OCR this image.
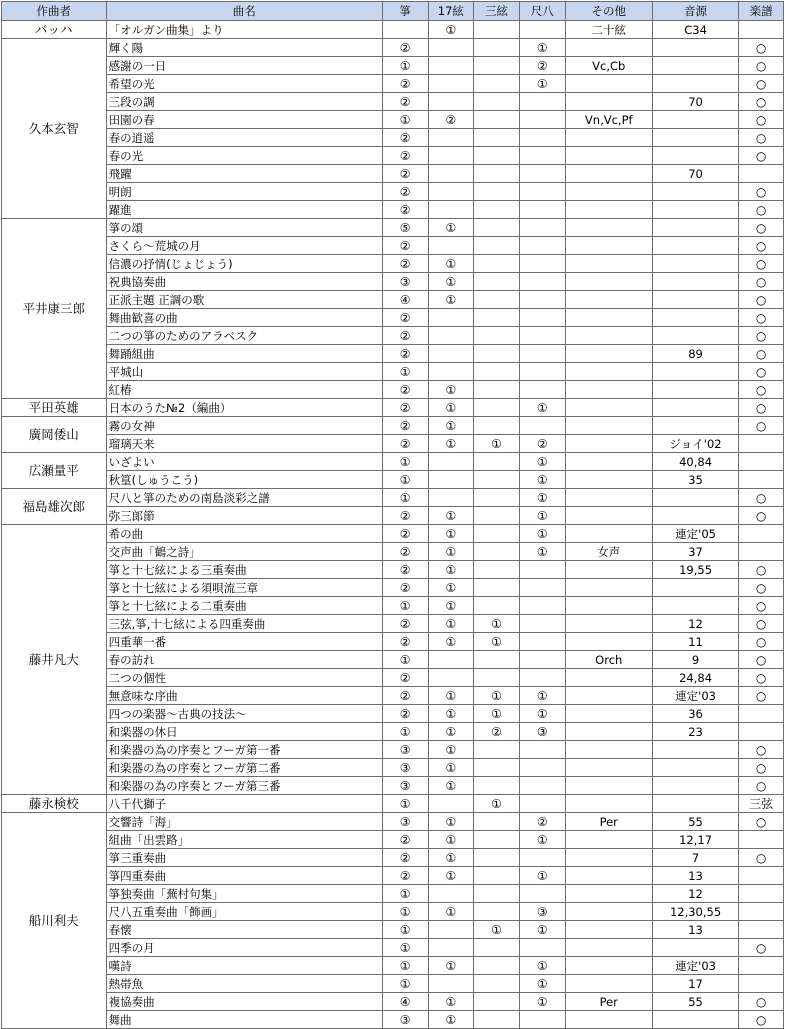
作曲者	曲名	箏	17絃	三絃	尺八	その他	音源	楽譜
バッハ	「オルガン曲集」より		①			二十絃	C34	
久本玄智	輝く陽	②			①			○
	感謝の一日	①			②	Vc,Cb		○
	希望の光	②			①			○
	三段の調	②					70	○
	田園の春	①	②			Vn,Vc,Pf		○
	春の逍遥	②						○
	春の光	②						○
	飛躍	②					70	
	明朗	②						○
	躍進	②						○
平井康三郎	箏の頌	⑤	①					○
	さくら～荒城の月	②						○
	信濃の抒情(じょじょう)	②	①					○
	祝典協奏曲	③	①					○
	正派主題 正調の歌	④	①					○
	舞曲歓喜の曲	②						○
	二つの箏のためのアラベスク	②						○
	舞踊組曲	②					89	○
	平城山	①						○
	紅椿	②	①					○
平田英雄	日本のうた№2（編曲）	②	①		①			○
廣岡倭山	霧の女神	②	①					○
	瑠璃天来	②	①	①	②		ジョイ'02	
広瀬量平	いざよい	①			①		40,84	
	秋篁(しゅうこう)	①			①		35	
福島雄次郎	尺八と箏のための南島淡彩之譜	①			①			○
	弥三郎節	②	①		①			○
藤井凡大	希の曲	②	①		①		連定'05	
	交声曲「鶴之詩」	②	①		①	女声	37	
	箏と十七絃による三重奏曲	②	①				19,55	○
	箏と十七絃による須唄流三章	②	①					○
	箏と十七絃による二重奏曲	①	①					○
	三弦,箏,十七絃による四重奏曲	②	①	①			12	○
	四重華一番	②	①	①			11	○
	春の訪れ	①				Orch	9	○
	二つの個性	②					24,84	○
	無意味な序曲	②	①	①	①		連定'03	○
	四つの楽器～古典の技法～	②	①	①	①		36	
	和楽器の休日	①	①	②	③		23	
	和楽器の為の序奏とフーガ第一番	③	①					○
	和楽器の為の序奏とフーガ第二番	③	①					○
	和楽器の為の序奏とフーガ第三番	③	①					○
藤永検校	八千代獅子	①		①				三弦
船川利夫	交響詩「海」	③	①		②	Per	55	○
	組曲「出雲路」	②	①		①		12,17	
	箏三重奏曲	②	①				7	○
	箏四重奏曲	②	①		①		13	
	箏独奏曲「蕪村句集」	①					12	
	尺八五重奏曲「飾画」	①	①		③		12,30,55	
	春懐	①		①	①		13	
	四季の月	①						○
	嘆詩	①	①		①		連定'03	
	熱帯魚	①			①		17	
	複協奏曲	④	①		①	Per	55	○
	舞曲	③	①					○
